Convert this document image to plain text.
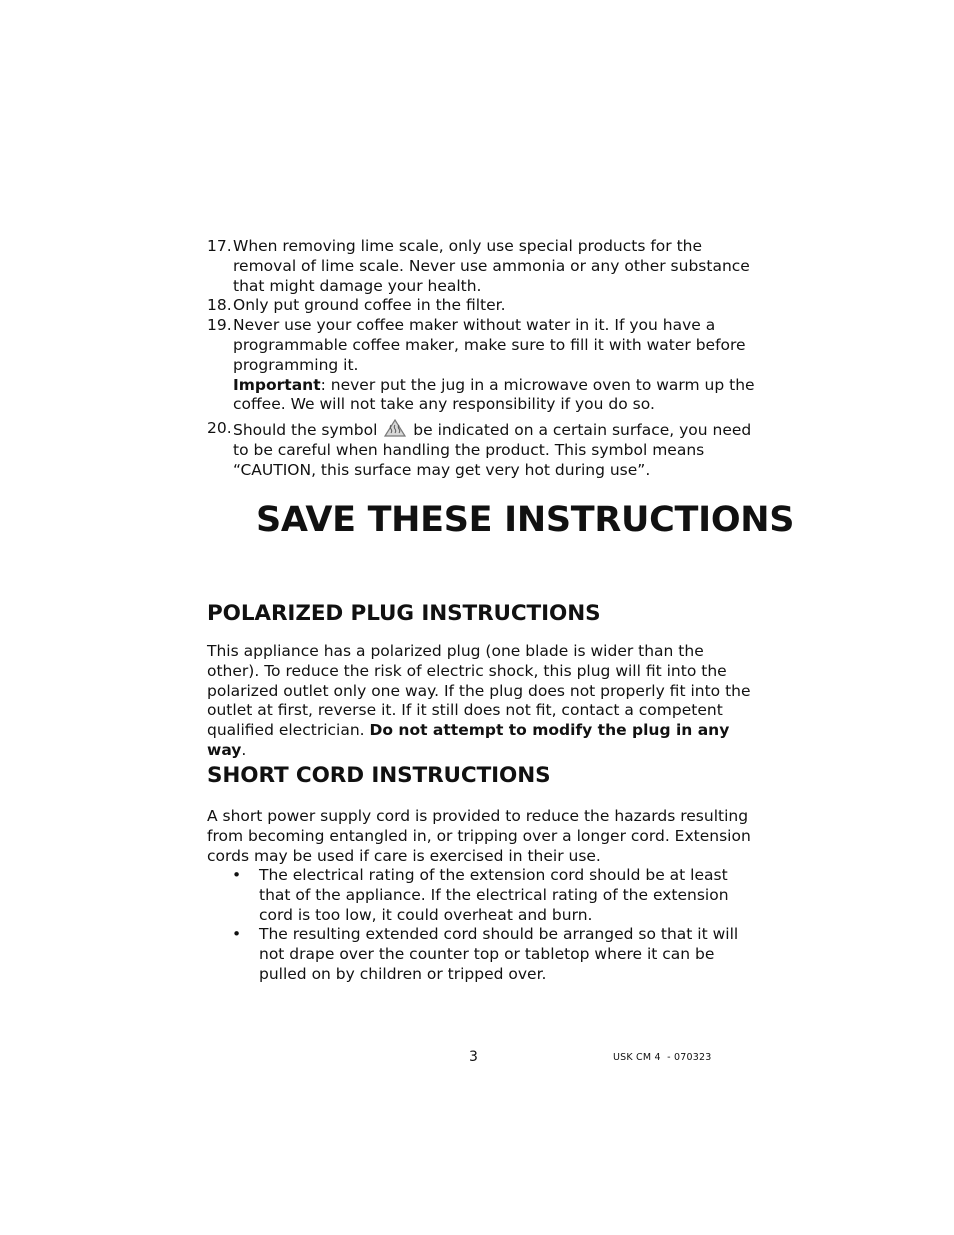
17. When removing lime scale, only use special products for the removal of lime scale. Never use ammonia or any other substance that might damage your health.
18. Only put ground coffee in the filter.
19. Never use your coffee maker without water in it. If you have a programmable coffee maker, make sure to fill it with water before programming it.
Important: never put the jug in a microwave oven to warm up the coffee. We will not take any responsibility if you do so.
20. Should the symbol be indicated on a certain surface, you need to be careful when handling the product. This symbol means “CAUTION, this surface may get very hot during use”.
SAVE THESE INSTRUCTIONS
POLARIZED PLUG INSTRUCTIONS
This appliance has a polarized plug (one blade is wider than the other). To reduce the risk of electric shock, this plug will fit into the polarized outlet only one way. If the plug does not properly fit into the outlet at first, reverse it. If it still does not fit, contact a competent qualified electrician. Do not attempt to modify the plug in any way.
SHORT CORD INSTRUCTIONS
A short power supply cord is provided to reduce the hazards resulting from becoming entangled in, or tripping over a longer cord. Extension cords may be used if care is exercised in their use.
• The electrical rating of the extension cord should be at least that of the appliance. If the electrical rating of the extension cord is too low, it could overheat and burn.
• The resulting extended cord should be arranged so that it will not drape over the counter top or tabletop where it can be pulled on by children or tripped over.
3	USK CM 4  - 070323
